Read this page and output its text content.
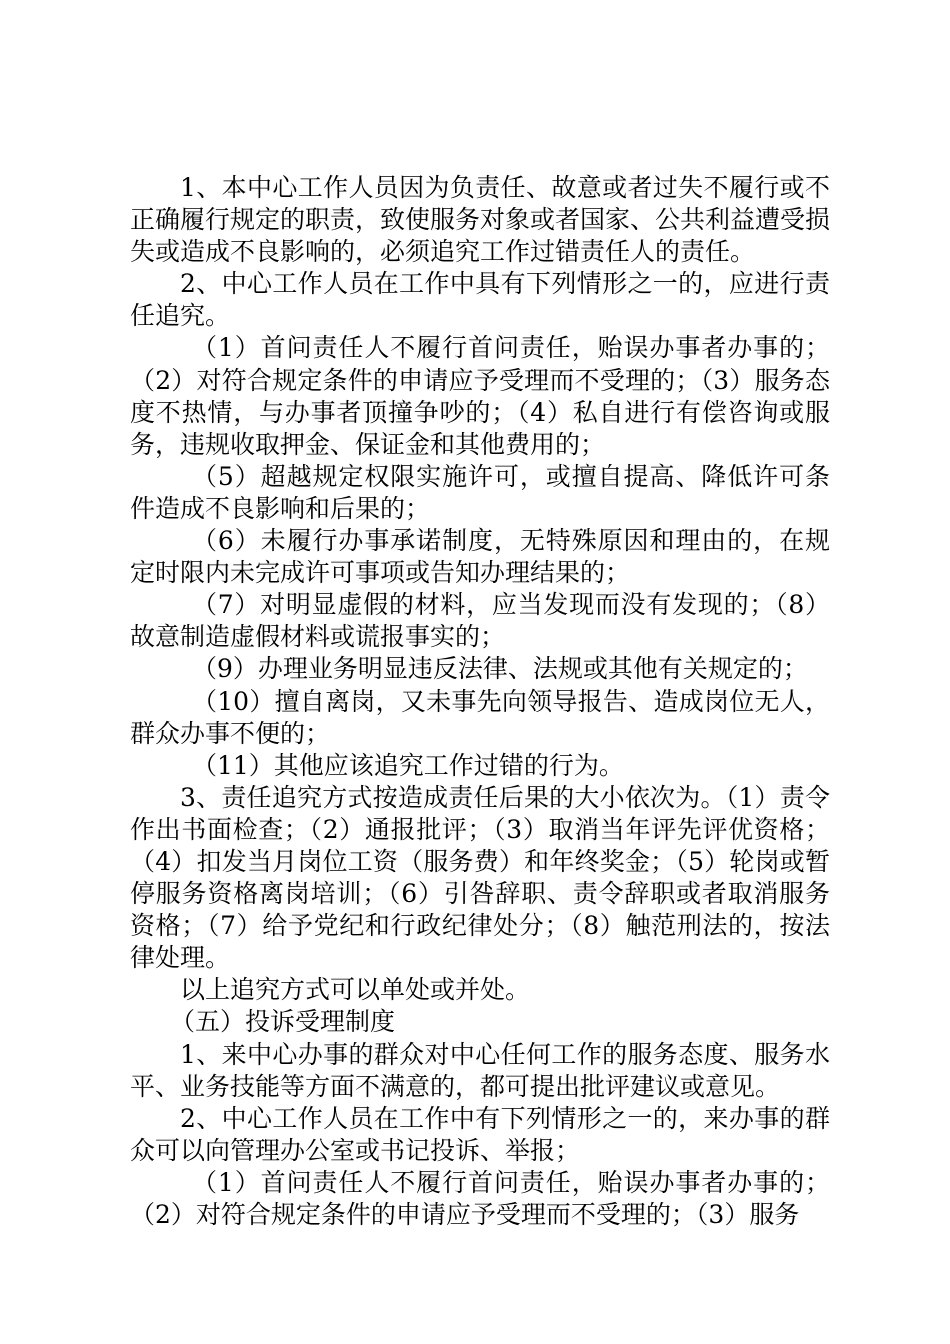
1、本中心工作人员因为负责任、故意或者过失不履行或不正确履行规定的职责，致使服务对象或者国家、公共利益遭受损失或造成不良影响的，必须追究工作过错责任人的责任。

2、中心工作人员在工作中具有下列情形之一的，应进行责任追究。

（1）首问责任人不履行首问责任，贻误办事者办事的；（2）对符合规定条件的申请应予受理而不受理的；（3）服务态度不热情，与办事者顶撞争吵的；（4）私自进行有偿咨询或服务，违规收取押金、保证金和其他费用的；

（5）超越规定权限实施许可，或擅自提高、降低许可条件造成不良影响和后果的；

（6）未履行办事承诺制度，无特殊原因和理由的，在规定时限内未完成许可事项或告知办理结果的；

（7）对明显虚假的材料，应当发现而没有发现的；（8）故意制造虚假材料或谎报事实的；

（9）办理业务明显违反法律、法规或其他有关规定的；

（10）擅自离岗，又未事先向领导报告、造成岗位无人，群众办事不便的；

（11）其他应该追究工作过错的行为。

3、责任追究方式按造成责任后果的大小依次为。（1）责令作出书面检查；（2）通报批评；（3）取消当年评先评优资格；（4）扣发当月岗位工资（服务费）和年终奖金；（5）轮岗或暂停服务资格离岗培训；（6）引咎辞职、责令辞职或者取消服务资格；（7）给予党纪和行政纪律处分；（8）触范刑法的，按法律处理。

以上追究方式可以单处或并处。

（五）投诉受理制度

1、来中心办事的群众对中心任何工作的服务态度、服务水平、业务技能等方面不满意的，都可提出批评建议或意见。

2、中心工作人员在工作中有下列情形之一的，来办事的群众可以向管理办公室或书记投诉、举报；

（1）首问责任人不履行首问责任，贻误办事者办事的；（2）对符合规定条件的申请应予受理而不受理的；（3）服务
